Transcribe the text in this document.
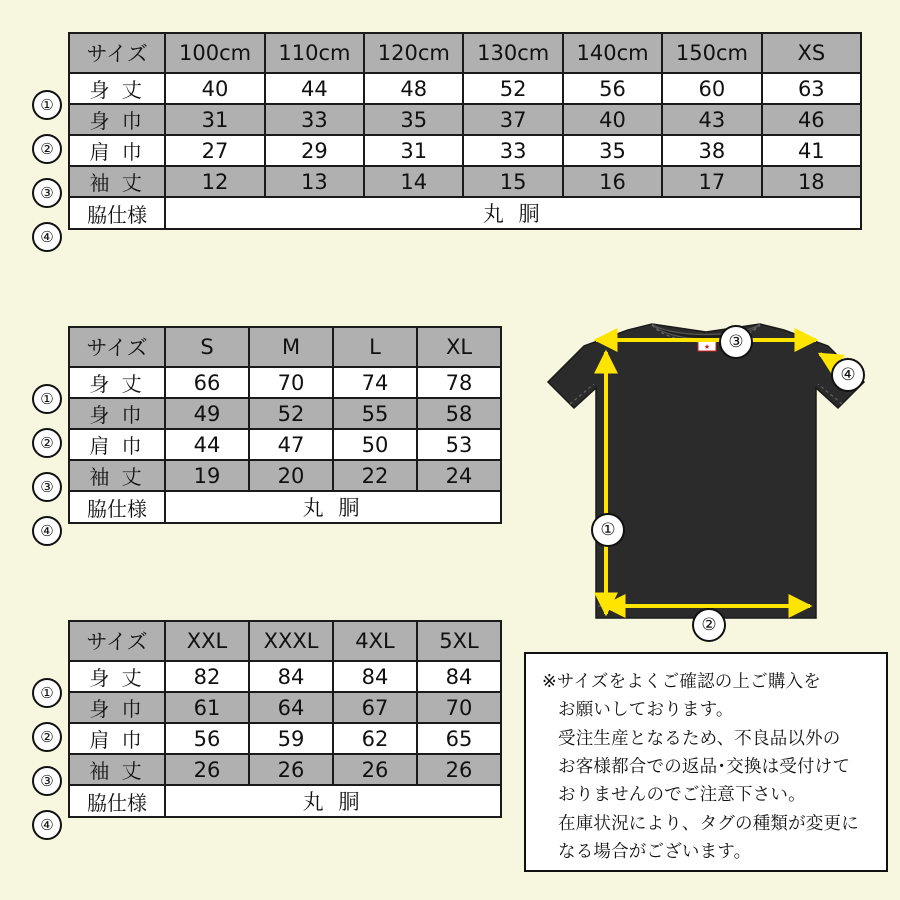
①
②
③
④
サイズ	100cm	110cm	120cm	130cm	140cm	150cm	XS
身 丈	40	44	48	52	56	60	63
身 巾	31	33	35	37	40	43	46
肩 巾	27	29	31	33	35	38	41
袖 丈	12	13	14	15	16	17	18
脇仕様	丸 胴						
①
②
③
④
サイズ	S	M	L	XL
身 丈	66	70	74	78
身 巾	49	52	55	58
肩 巾	44	47	50	53
袖 丈	19	20	22	24
脇仕様	丸 胴			
①
②
③
④
サイズ	XXL	XXXL	4XL	5XL
身 丈	82	84	84	84
身 巾	61	64	67	70
肩 巾	56	59	62	65
袖 丈	26	26	26	26
脇仕様	丸 胴			
★	③
④
①
②

※サイズをよくご確認の上ご購入を

お願いしております。

受注生産となるため、不良品以外の

お客様都合での返品･交換は受付けて

おりませんのでご注意下さい。

在庫状況により、タグの種類が変更に

なる場合がございます。
